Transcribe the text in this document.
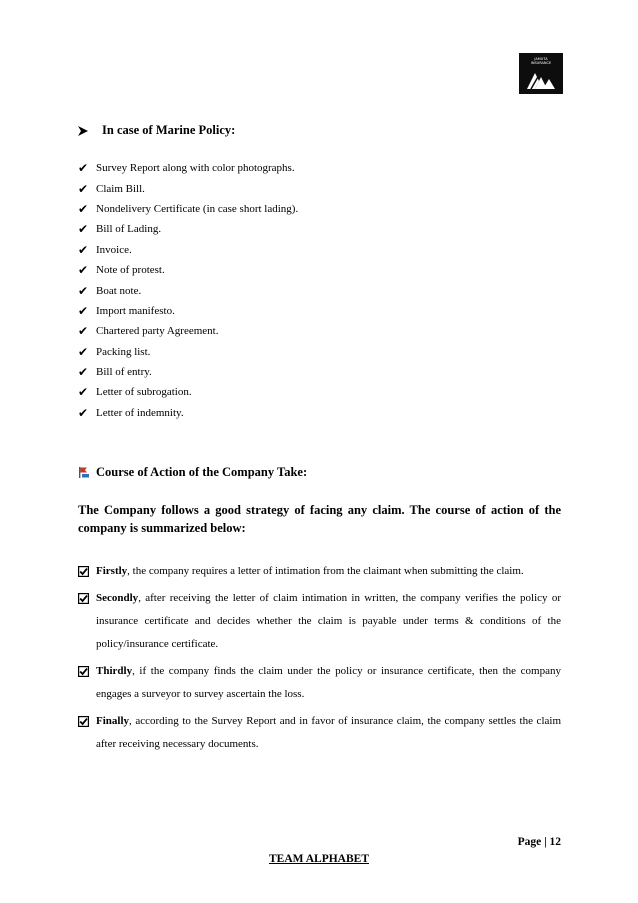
JAMUTA
INSURANCE
In case of Marine Policy:
✔ Survey Report along with color photographs.
✔ Claim Bill.
✔ Nondelivery Certificate (in case short lading).
✔ Bill of Lading.
✔ Invoice.
✔ Note of protest.
✔ Boat note.
✔ Import manifesto.
✔ Chartered party Agreement.
✔ Packing list.
✔ Bill of entry.
✔ Letter of subrogation.
✔ Letter of indemnity.
Course of Action of the Company Take:
The Company follows a good strategy of facing any claim. The course of action of the company is summarized below:
Firstly, the company requires a letter of intimation from the claimant when submitting the claim.
Secondly, after receiving the letter of claim intimation in written, the company verifies the policy or insurance certificate and decides whether the claim is payable under terms & conditions of the policy/insurance certificate.
Thirdly, if the company finds the claim under the policy or insurance certificate, then the company engages a surveyor to survey ascertain the loss.
Finally, according to the Survey Report and in favor of insurance claim, the company settles the claim after receiving necessary documents.
Page | 12
TEAM ALPHABET
